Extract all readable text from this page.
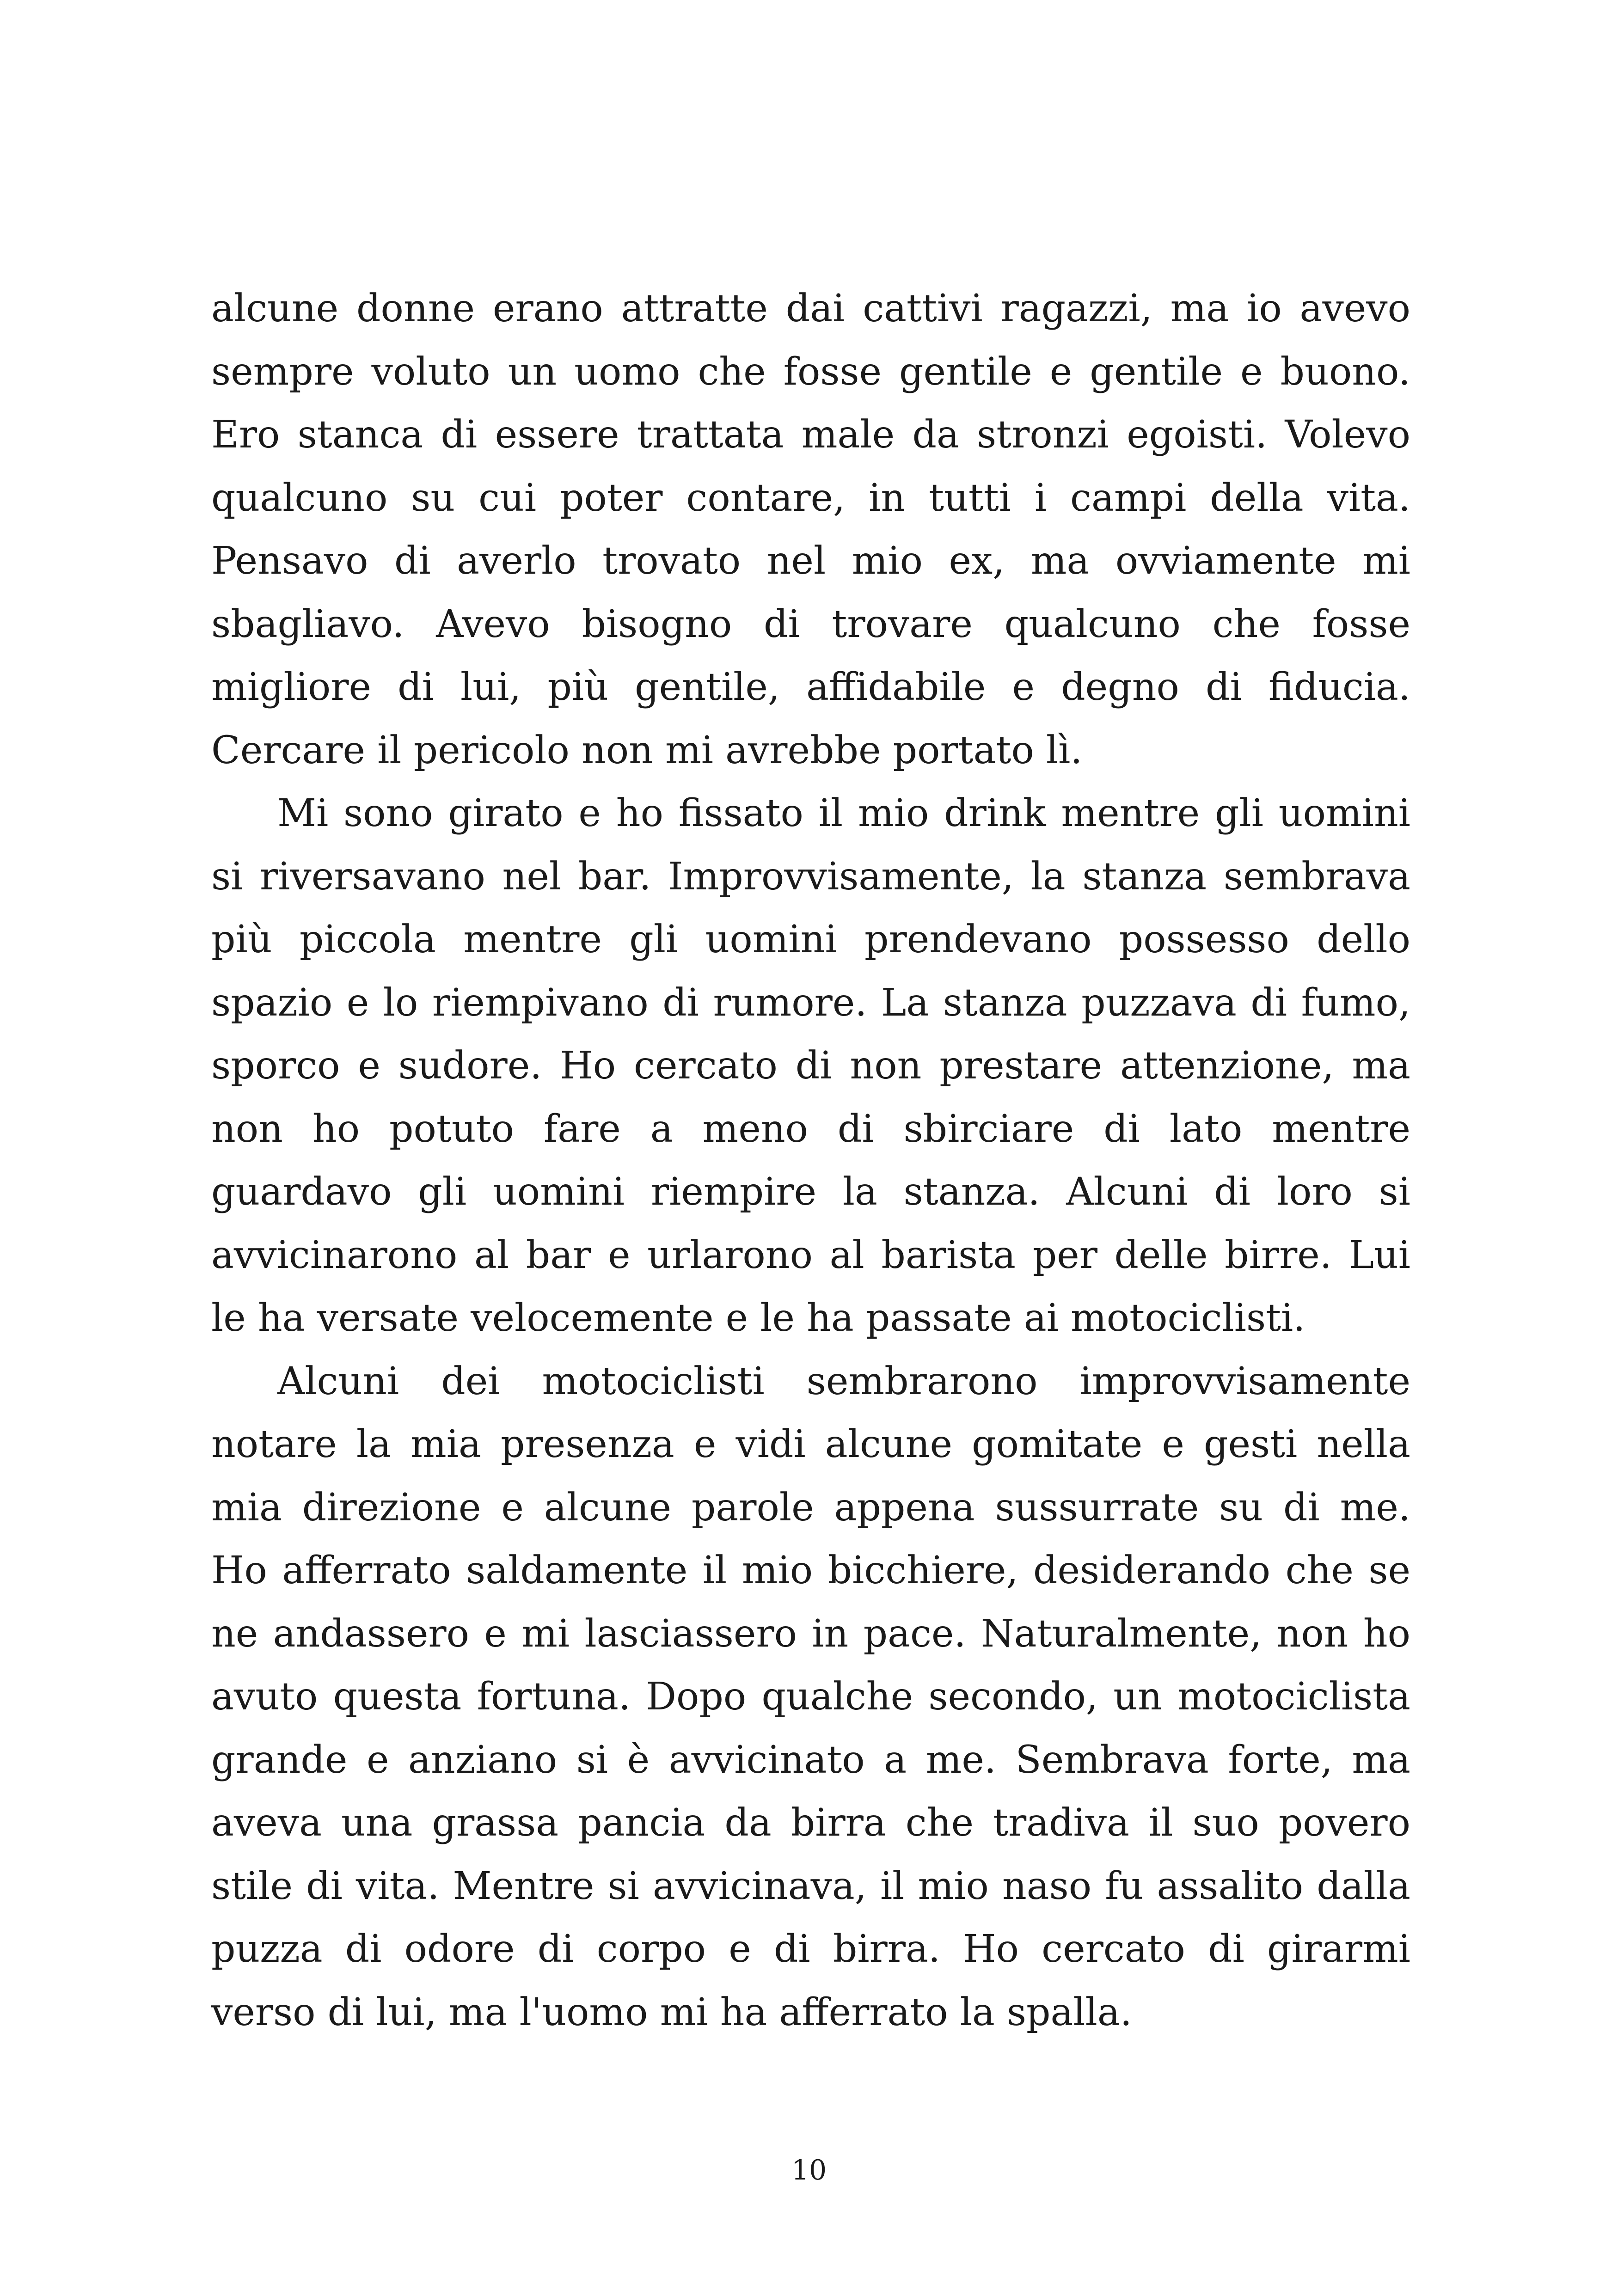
alcune donne erano attratte dai cattivi ragazzi, ma io avevo
sempre voluto un uomo che fosse gentile e gentile e buono.
Ero stanca di essere trattata male da stronzi egoisti. Volevo
qualcuno su cui poter contare, in tutti i campi della vita.
Pensavo di averlo trovato nel mio ex, ma ovviamente mi
sbagliavo. Avevo bisogno di trovare qualcuno che fosse
migliore di lui, più gentile, affidabile e degno di fiducia.
Cercare il pericolo non mi avrebbe portato lì.

Mi sono girato e ho fissato il mio drink mentre gli uomini
si riversavano nel bar. Improvvisamente, la stanza sembrava
più piccola mentre gli uomini prendevano possesso dello
spazio e lo riempivano di rumore. La stanza puzzava di fumo,
sporco e sudore. Ho cercato di non prestare attenzione, ma
non ho potuto fare a meno di sbirciare di lato mentre
guardavo gli uomini riempire la stanza. Alcuni di loro si
avvicinarono al bar e urlarono al barista per delle birre. Lui
le ha versate velocemente e le ha passate ai motociclisti.

Alcuni dei motociclisti sembrarono improvvisamente
notare la mia presenza e vidi alcune gomitate e gesti nella
mia direzione e alcune parole appena sussurrate su di me.
Ho afferrato saldamente il mio bicchiere, desiderando che se
ne andassero e mi lasciassero in pace. Naturalmente, non ho
avuto questa fortuna. Dopo qualche secondo, un motociclista
grande e anziano si è avvicinato a me. Sembrava forte, ma
aveva una grassa pancia da birra che tradiva il suo povero
stile di vita. Mentre si avvicinava, il mio naso fu assalito dalla
puzza di odore di corpo e di birra. Ho cercato di girarmi
verso di lui, ma l'uomo mi ha afferrato la spalla.

10
